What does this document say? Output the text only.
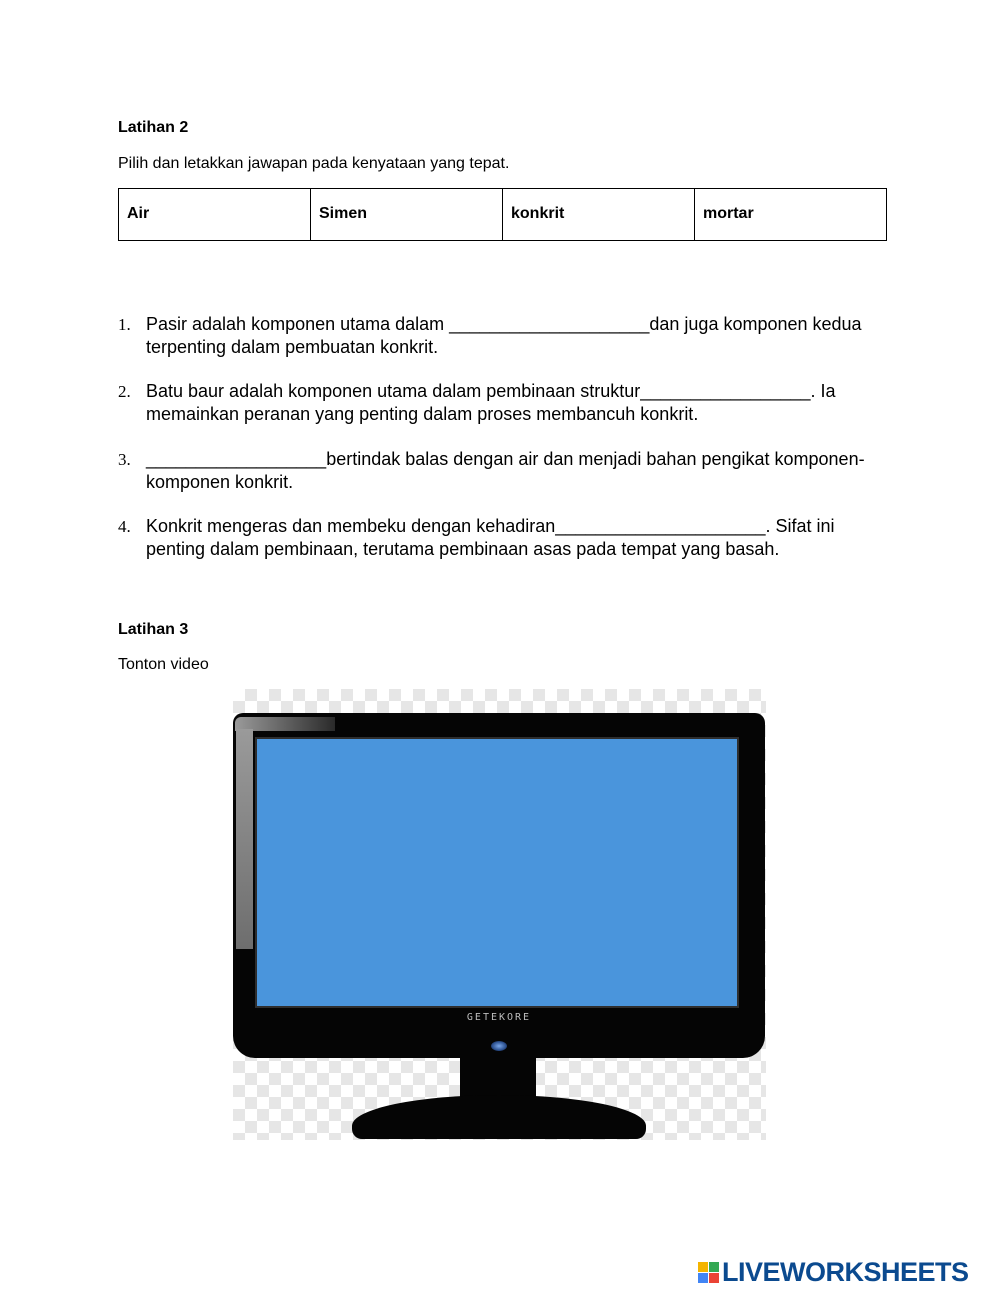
Latihan 2
Pilih dan letakkan jawapan pada kenyataan yang tepat.
Air	Simen	konkrit	mortar
1. Pasir adalah komponen utama dalam ____________________dan juga komponen kedua terpenting dalam pembuatan konkrit.
2. Batu baur adalah komponen utama dalam pembinaan struktur_________________. Ia memainkan peranan yang penting dalam proses membancuh konkrit.
3. __________________bertindak balas dengan air dan menjadi bahan pengikat komponen-komponen konkrit.
4. Konkrit mengeras dan membeku dengan kehadiran_____________________. Sifat ini penting dalam pembinaan, terutama pembinaan asas pada tempat yang basah.
Latihan 3
Tonton video
GETEKORE
LIVEWORKSHEETS
